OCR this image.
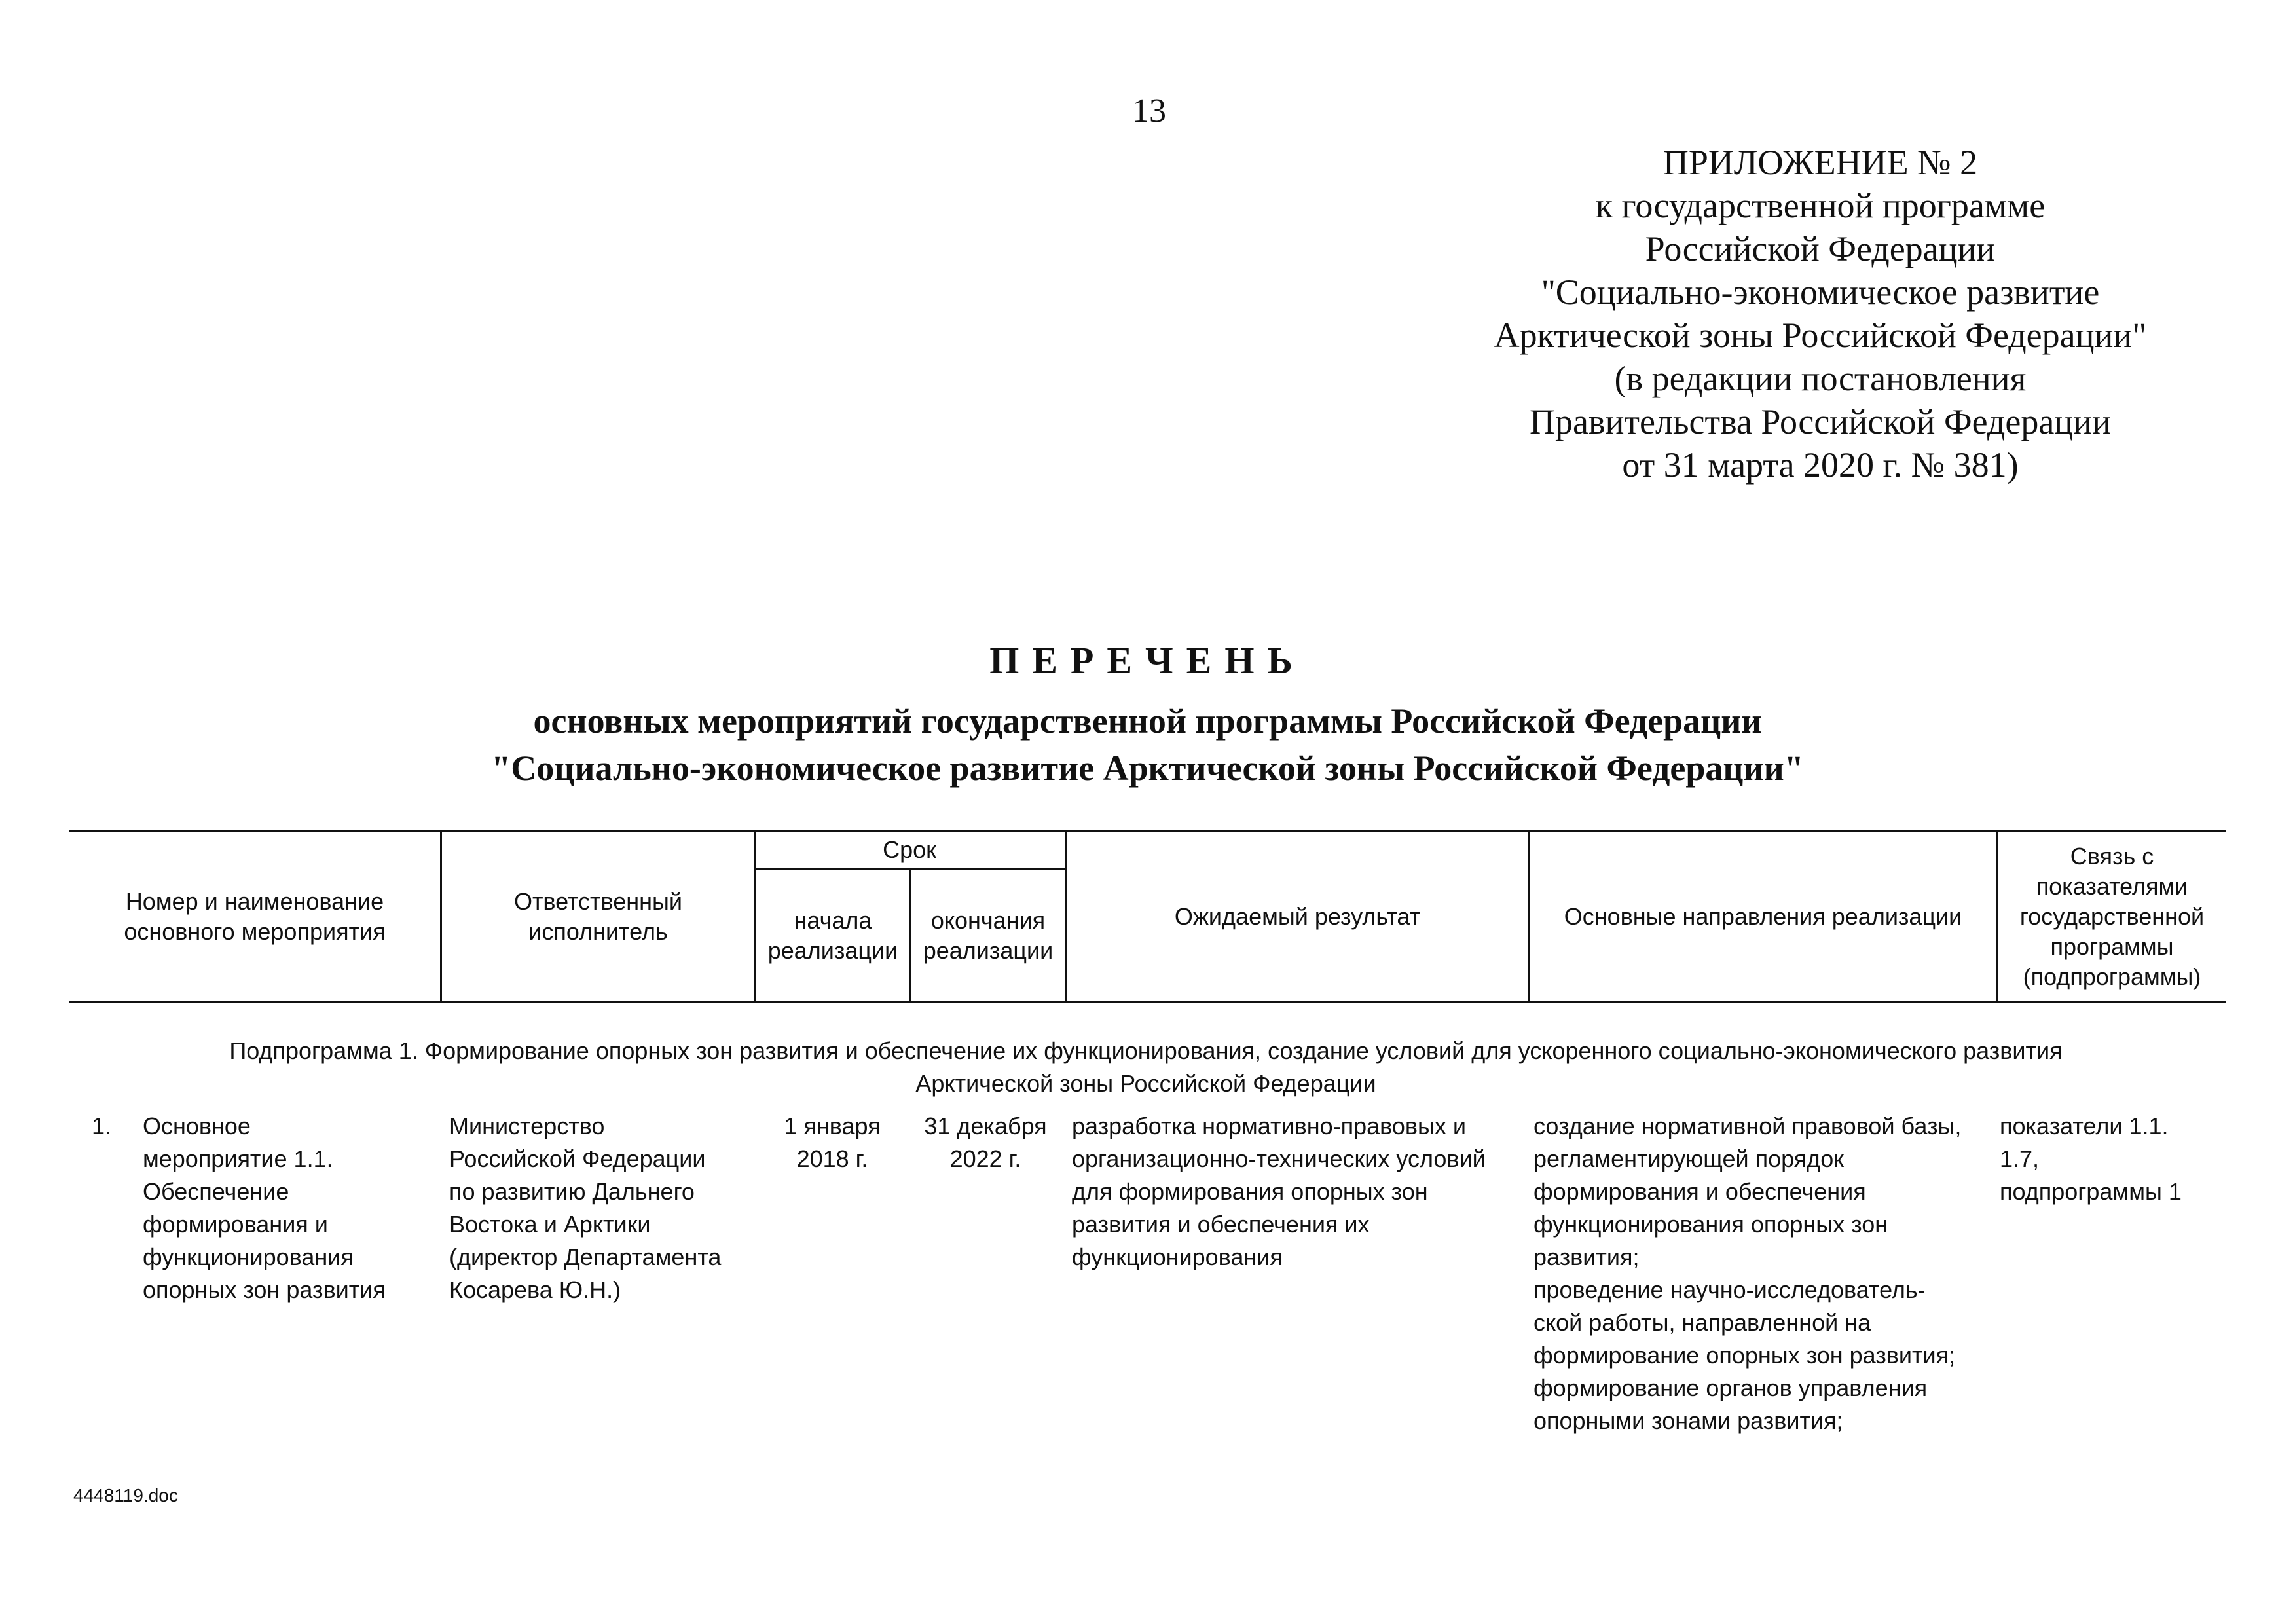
13
ПРИЛОЖЕНИЕ № 2
к государственной программе
Российской Федерации
"Социально-экономическое развитие
Арктической зоны Российской Федерации"
(в редакции постановления
Правительства Российской Федерации
от 31 марта 2020 г. № 381)
ПЕРЕЧЕНЬ
основных мероприятий государственной программы Российской Федерации
"Социально-экономическое развитие Арктической зоны Российской Федерации"
Номер и наименование
основного мероприятия
Ответственный
исполнитель
Срок
начала реализации
окончания реализации
Ожидаемый результат	Основные направления реализации
Связь с
показателями
государственной
программы
(подпрограммы)
Подпрограмма 1. Формирование опорных зон развития и обеспечение их функционирования, создание условий для ускоренного социально-экономического развития
Арктической зоны Российской Федерации
1. Основное
мероприятие 1.1.
Обеспечение
формирования и
функционирования
опорных зон развития
Министерство
Российской Федерации
по развитию Дальнего
Востока и Арктики
(директор Департамента
Косарева Ю.Н.)
1 января
2018 г.
31 декабря
2022 г.
разработка нормативно-правовых и
организационно-технических условий
для формирования опорных зон
развития и обеспечения их
функционирования
создание нормативной правовой базы,
регламентирующей порядок
формирования и обеспечения
функционирования опорных зон
развития;
проведение научно-исследователь-
ской работы, направленной на
формирование опорных зон развития;
формирование органов управления
опорными зонами развития;
показатели 1.1.
1.7,
подпрограммы 1
4448119.doc
